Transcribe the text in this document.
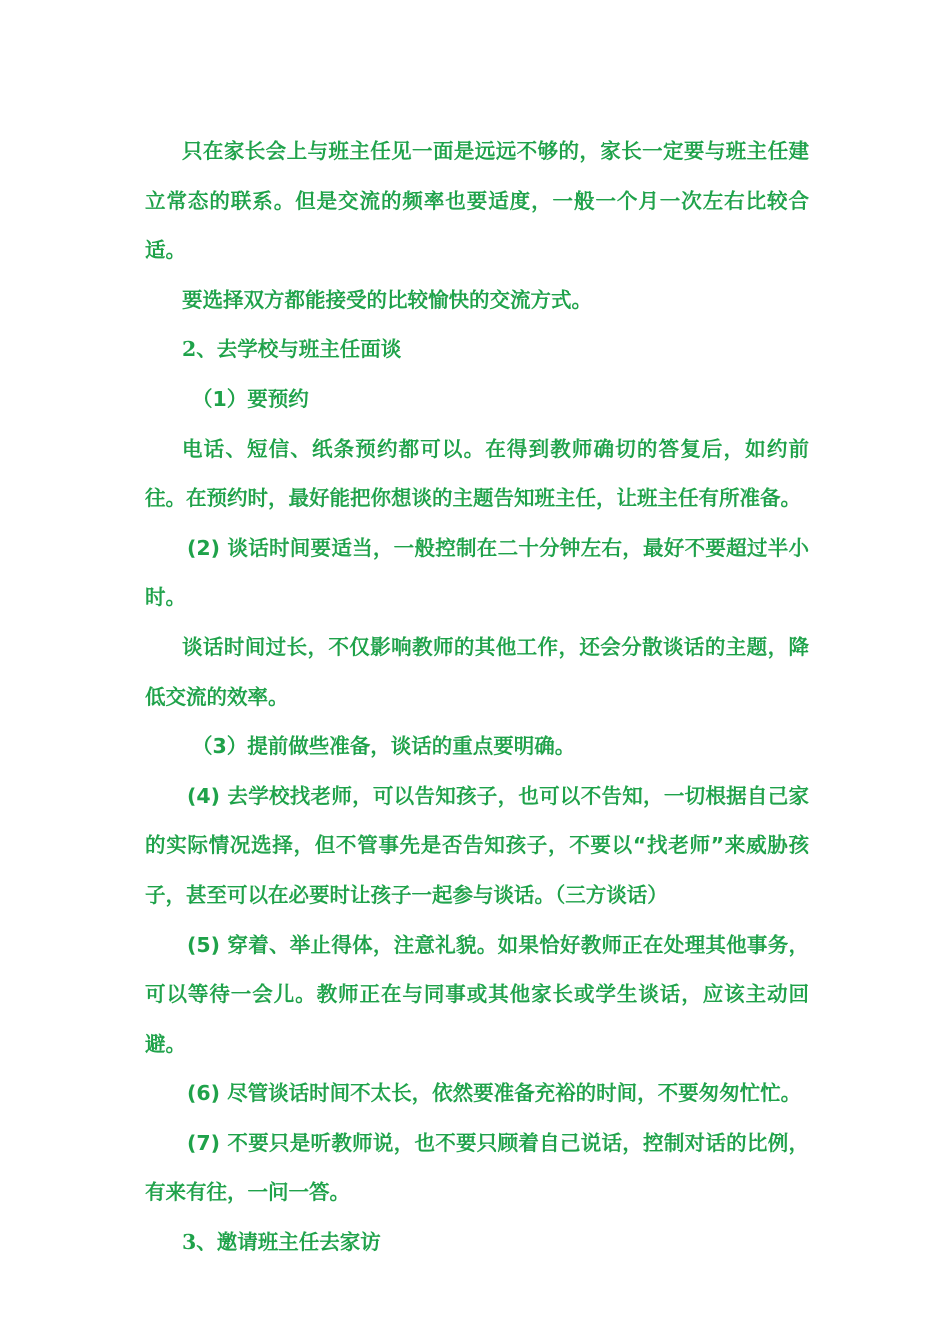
只在家长会上与班主任见一面是远远不够的，家长一定要与班主任建立常态的联系。但是交流的频率也要适度，一般一个月一次左右比较合适。

要选择双方都能接受的比较愉快的交流方式。

2、去学校与班主任面谈

（1）要预约

电话、短信、纸条预约都可以。在得到教师确切的答复后，如约前往。在预约时，最好能把你想谈的主题告知班主任，让班主任有所准备。

(2) 谈话时间要适当，一般控制在二十分钟左右，最好不要超过半小时。

谈话时间过长，不仅影响教师的其他工作，还会分散谈话的主题，降低交流的效率。

（3）提前做些准备，谈话的重点要明确。

(4) 去学校找老师，可以告知孩子，也可以不告知，一切根据自己家的实际情况选择，但不管事先是否告知孩子，不要以“找老师”来威胁孩子，甚至可以在必要时让孩子一起参与谈话。（三方谈话）

(5) 穿着、举止得体，注意礼貌。如果恰好教师正在处理其他事务，可以等待一会儿。教师正在与同事或其他家长或学生谈话，应该主动回避。

(6) 尽管谈话时间不太长，依然要准备充裕的时间，不要匆匆忙忙。

(7) 不要只是听教师说，也不要只顾着自己说话，控制对话的比例，有来有往，一问一答。

3、邀请班主任去家访
